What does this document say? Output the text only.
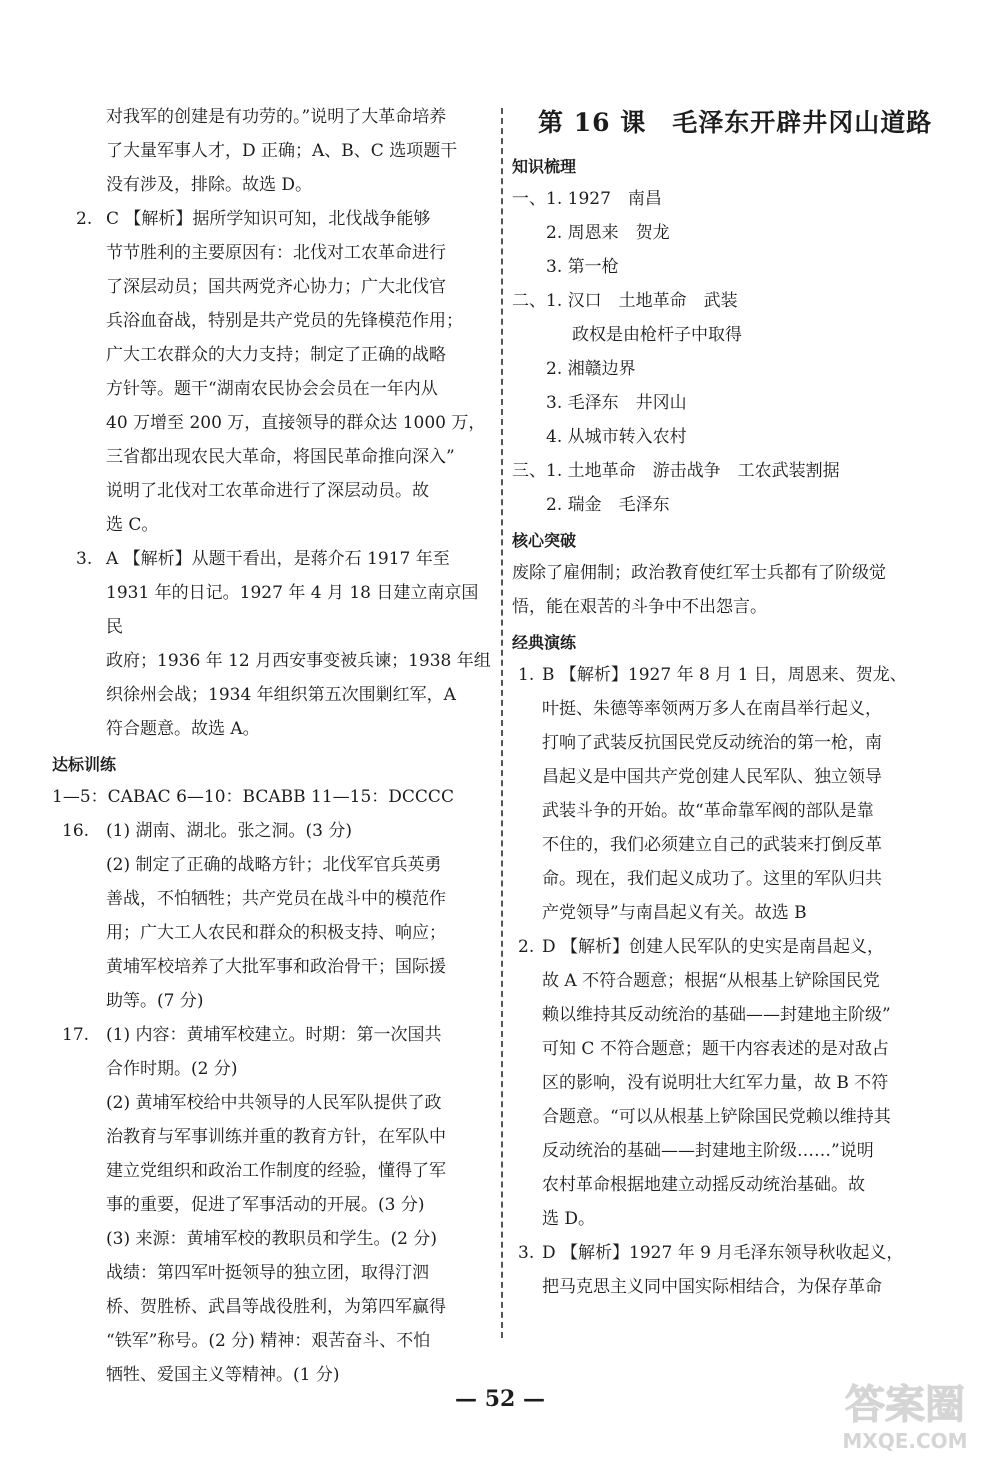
对我军的创建是有功劳的。”说明了大革命培养
了大量军事人才，D 正确；A、B、C 选项题干
没有涉及，排除。故选 D。
2. C 【解析】据所学知识可知，北伐战争能够
节节胜利的主要原因有：北伐对工农革命进行
了深层动员；国共两党齐心协力；广大北伐官
兵浴血奋战，特别是共产党员的先锋模范作用；
广大工农群众的大力支持；制定了正确的战略
方针等。题干“湖南农民协会会员在一年内从
40 万增至 200 万，直接领导的群众达 1000 万，
三省都出现农民大革命，将国民革命推向深入”
说明了北伐对工农革命进行了深层动员。故
选 C。
3. A 【解析】从题干看出，是蒋介石 1917 年至
1931 年的日记。1927 年 4 月 18 日建立南京国民
政府；1936 年 12 月西安事变被兵谏；1938 年组
织徐州会战；1934 年组织第五次围剿红军，A
符合题意。故选 A。
达标训练
1—5：CABAC 6—10：BCABB 11—15：DCCCC
16. (1) 湖南、湖北。张之洞。(3 分)
(2) 制定了正确的战略方针；北伐军官兵英勇
善战，不怕牺牲；共产党员在战斗中的模范作
用；广大工人农民和群众的积极支持、响应；
黄埔军校培养了大批军事和政治骨干；国际援
助等。(7 分)
17. (1) 内容：黄埔军校建立。时期：第一次国共
合作时期。(2 分)
(2) 黄埔军校给中共领导的人民军队提供了政
治教育与军事训练并重的教育方针，在军队中
建立党组织和政治工作制度的经验，懂得了军
事的重要，促进了军事活动的开展。(3 分)
(3) 来源：黄埔军校的教职员和学生。(2 分)
战绩：第四军叶挺领导的独立团，取得汀泗
桥、贺胜桥、武昌等战役胜利，为第四军赢得
“铁军”称号。(2 分) 精神：艰苦奋斗、不怕
牺牲、爱国主义等精神。(1 分)
第 16 课　毛泽东开辟井冈山道路
知识梳理
一、1. 1927　南昌
2. 周恩来　贺龙
3. 第一枪
二、1. 汉口　土地革命　武装
政权是由枪杆子中取得
2. 湘赣边界
3. 毛泽东　井冈山
4. 从城市转入农村
三、1. 土地革命　游击战争　工农武装割据
2. 瑞金　毛泽东
核心突破
废除了雇佣制；政治教育使红军士兵都有了阶级觉
悟，能在艰苦的斗争中不出怨言。
经典演练
1. B 【解析】1927 年 8 月 1 日，周恩来、贺龙、
叶挺、朱德等率领两万多人在南昌举行起义，
打响了武装反抗国民党反动统治的第一枪，南
昌起义是中国共产党创建人民军队、独立领导
武装斗争的开始。故“革命靠军阀的部队是靠
不住的，我们必须建立自己的武装来打倒反革
命。现在，我们起义成功了。这里的军队归共
产党领导”与南昌起义有关。故选 B
2. D 【解析】创建人民军队的史实是南昌起义，
故 A 不符合题意；根据“从根基上铲除国民党
赖以维持其反动统治的基础——封建地主阶级”
可知 C 不符合题意；题干内容表述的是对敌占
区的影响，没有说明壮大红军力量，故 B 不符
合题意。“可以从根基上铲除国民党赖以维持其
反动统治的基础——封建地主阶级……”说明
农村革命根据地建立动摇反动统治基础。故
选 D。
3. D 【解析】1927 年 9 月毛泽东领导秋收起义，
把马克思主义同中国实际相结合，为保存革命
— 52 —	答案圈
MXQE.COM
